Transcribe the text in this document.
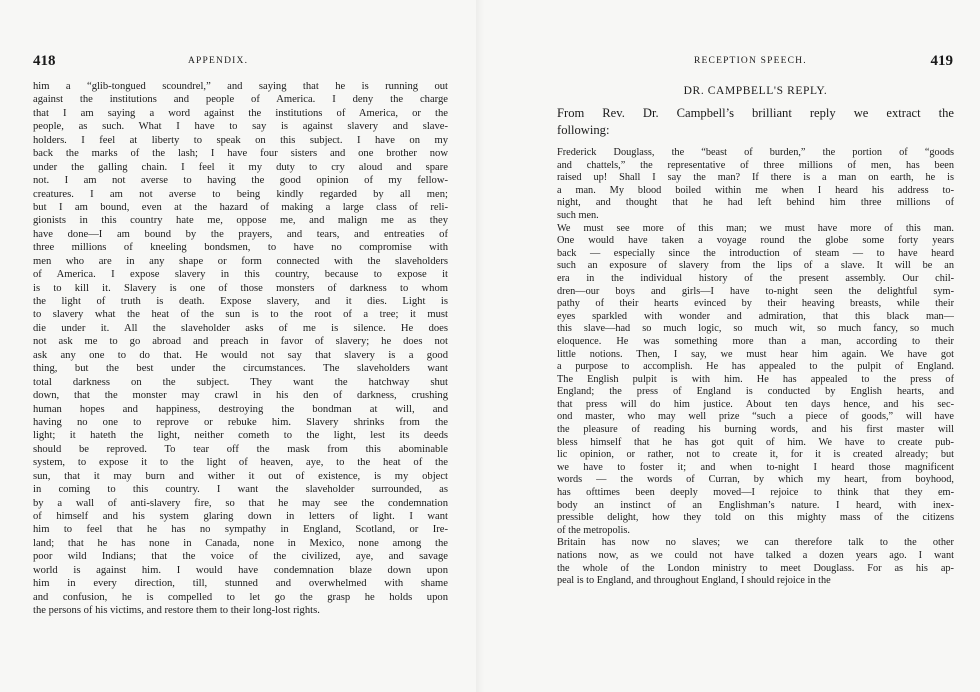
418	APPENDIX.
him a “glib-tongued scoundrel,” and saying that he is running out
against the institutions and people of America. I deny the charge
that I am saying a word against the institutions of America, or the
people, as such. What I have to say is against slavery and slave-
holders. I feel at liberty to speak on this subject. I have on my
back the marks of the lash; I have four sisters and one brother now
under the galling chain. I feel it my duty to cry aloud and spare
not. I am not averse to having the good opinion of my fellow-
creatures. I am not averse to being kindly regarded by all men;
but I am bound, even at the hazard of making a large class of reli-
gionists in this country hate me, oppose me, and malign me as they
have done—I am bound by the prayers, and tears, and entreaties of
three millions of kneeling bondsmen, to have no compromise with
men who are in any shape or form connected with the slaveholders
of America. I expose slavery in this country, because to expose it
is to kill it. Slavery is one of those monsters of darkness to whom
the light of truth is death. Expose slavery, and it dies. Light is
to slavery what the heat of the sun is to the root of a tree; it must
die under it. All the slaveholder asks of me is silence. He does
not ask me to go abroad and preach in favor of slavery; he does not
ask any one to do that. He would not say that slavery is a good
thing, but the best under the circumstances. The slaveholders want
total darkness on the subject. They want the hatchway shut
down, that the monster may crawl in his den of darkness, crushing
human hopes and happiness, destroying the bondman at will, and
having no one to reprove or rebuke him. Slavery shrinks from the
light; it hateth the light, neither cometh to the light, lest its deeds
should be reproved. To tear off the mask from this abominable
system, to expose it to the light of heaven, aye, to the heat of the
sun, that it may burn and wither it out of existence, is my object
in coming to this country. I want the slaveholder surrounded, as
by a wall of anti-slavery fire, so that he may see the condemnation
of himself and his system glaring down in letters of light. I want
him to feel that he has no sympathy in England, Scotland, or Ire-
land; that he has none in Canada, none in Mexico, none among the
poor wild Indians; that the voice of the civilized, aye, and savage
world is against him. I would have condemnation blaze down upon
him in every direction, till, stunned and overwhelmed with shame
and confusion, he is compelled to let go the grasp he holds upon
the persons of his victims, and restore them to their long-lost rights.
RECEPTION SPEECH.	419
DR. CAMPBELL'S REPLY.
From Rev. Dr. Campbell’s brilliant reply we extract the
following:
Frederick Douglass, the “beast of burden,” the portion of “goods
and chattels,” the representative of three millions of men, has been
raised up! Shall I say the man? If there is a man on earth, he is
a man. My blood boiled within me when I heard his address to-
night, and thought that he had left behind him three millions of
such men.
We must see more of this man; we must have more of this man.
One would have taken a voyage round the globe some forty years
back — especially since the introduction of steam — to have heard
such an exposure of slavery from the lips of a slave. It will be an
era in the individual history of the present assembly. Our chil-
dren—our boys and girls—I have to-night seen the delightful sym-
pathy of their hearts evinced by their heaving breasts, while their
eyes sparkled with wonder and admiration, that this black man—
this slave—had so much logic, so much wit, so much fancy, so much
eloquence. He was something more than a man, according to their
little notions. Then, I say, we must hear him again. We have got
a purpose to accomplish. He has appealed to the pulpit of England.
The English pulpit is with him. He has appealed to the press of
England; the press of England is conducted by English hearts, and
that press will do him justice. About ten days hence, and his sec-
ond master, who may well prize “such a piece of goods,” will have
the pleasure of reading his burning words, and his first master will
bless himself that he has got quit of him. We have to create pub-
lic opinion, or rather, not to create it, for it is created already; but
we have to foster it; and when to-night I heard those magnificent
words — the words of Curran, by which my heart, from boyhood,
has ofttimes been deeply moved—I rejoice to think that they em-
body an instinct of an Englishman’s nature. I heard, with inex-
pressible delight, how they told on this mighty mass of the citizens
of the metropolis.
Britain has now no slaves; we can therefore talk to the other
nations now, as we could not have talked a dozen years ago. I want
the whole of the London ministry to meet Douglass. For as his ap-
peal is to England, and throughout England, I should rejoice in the
